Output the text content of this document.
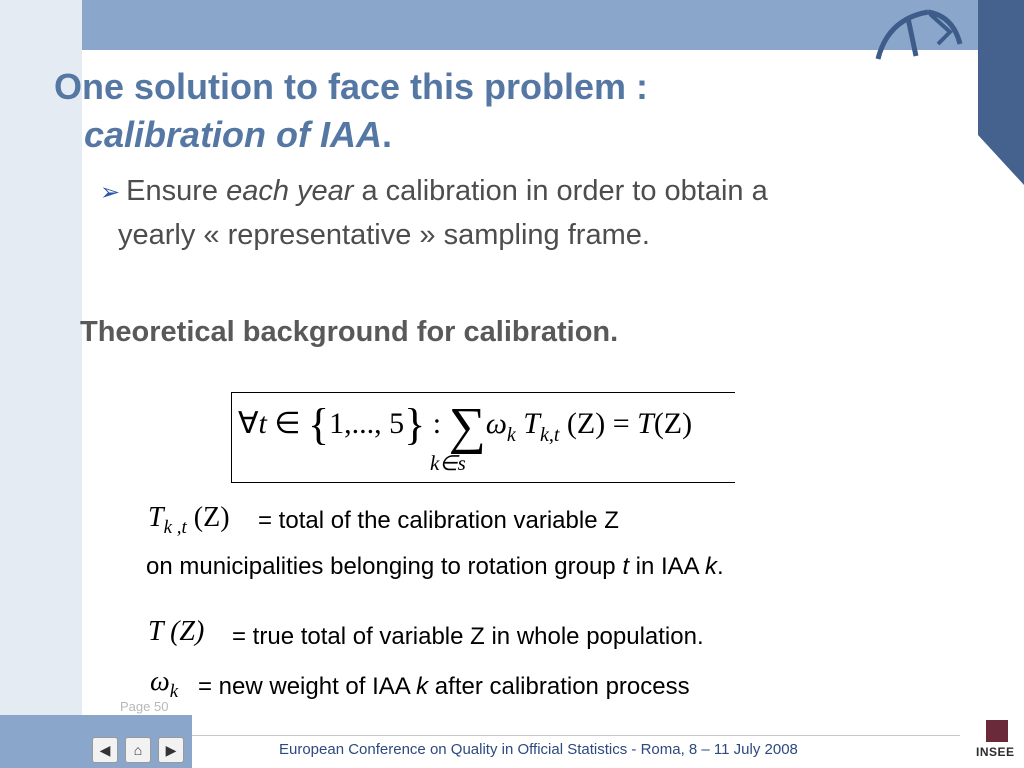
One solution to face this problem :
calibration of IAA.
➢ Ensure each year a calibration in order to obtain a
yearly « representative » sampling frame.
Theoretical background for calibration.
∀t ∈ {1,..., 5} : $\sum\omega_k$ $T_{k,t}$ (Z) = T(Z)
k∈s
$T_{k ,t}$ (Z) = total of the calibration variable Z
on municipalities belonging to rotation group t in IAA k.
T (Z) = true total of variable Z in whole population.
$\omega_k$ = new weight of IAA k after calibration process
Page 50
◀	⌂	▶	European Conference on Quality in Official Statistics - Roma, 8 – 11 July 2008	INSEE
